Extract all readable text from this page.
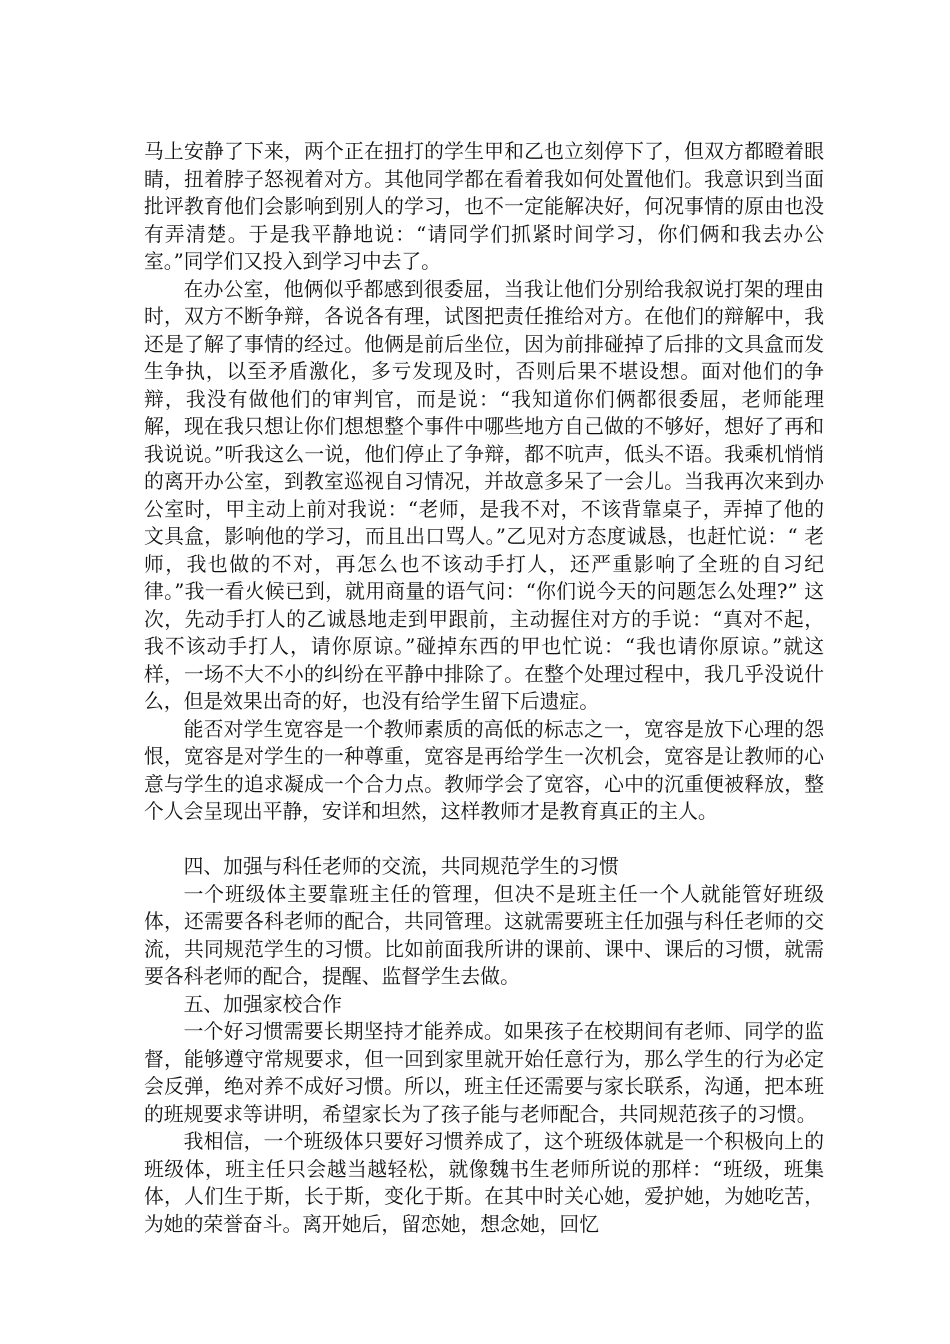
马上安静了下来，两个正在扭打的学生甲和乙也立刻停下了，但双方都瞪着眼睛，扭着脖子怒视着对方。其他同学都在看着我如何处置他们。我意识到当面批评教育他们会影响到别人的学习，也不一定能解决好，何况事情的原由也没有弄清楚。于是我平静地说：“请同学们抓紧时间学习，你们俩和我去办公室。”同学们又投入到学习中去了。

在办公室，他俩似乎都感到很委屈，当我让他们分别给我叙说打架的理由时，双方不断争辩，各说各有理，试图把责任推给对方。在他们的辩解中，我还是了解了事情的经过。他俩是前后坐位，因为前排碰掉了后排的文具盒而发生争执，以至矛盾激化，多亏发现及时，否则后果不堪设想。面对他们的争辩，我没有做他们的审判官，而是说：“我知道你们俩都很委屈，老师能理解，现在我只想让你们想想整个事件中哪些地方自己做的不够好，想好了再和我说说。”听我这么一说，他们停止了争辩，都不吭声，低头不语。我乘机悄悄的离开办公室，到教室巡视自习情况，并故意多呆了一会儿。当我再次来到办公室时，甲主动上前对我说：“老师，是我不对，不该背靠桌子，弄掉了他的文具盒，影响他的学习，而且出口骂人。”乙见对方态度诚恳，也赶忙说：“ 老师，我也做的不对，再怎么也不该动手打人，还严重影响了全班的自习纪律。”我一看火候已到，就用商量的语气问：“你们说今天的问题怎么处理?” 这次，先动手打人的乙诚恳地走到甲跟前，主动握住对方的手说：“真对不起，我不该动手打人，请你原谅。”碰掉东西的甲也忙说：“我也请你原谅。”就这样，一场不大不小的纠纷在平静中排除了。在整个处理过程中，我几乎没说什么，但是效果出奇的好，也没有给学生留下后遗症。

能否对学生宽容是一个教师素质的高低的标志之一，宽容是放下心理的怨恨，宽容是对学生的一种尊重，宽容是再给学生一次机会，宽容是让教师的心意与学生的追求凝成一个合力点。教师学会了宽容，心中的沉重便被释放，整个人会呈现出平静，安详和坦然，这样教师才是教育真正的主人。

四、加强与科任老师的交流，共同规范学生的习惯

一个班级体主要靠班主任的管理，但决不是班主任一个人就能管好班级体，还需要各科老师的配合，共同管理。这就需要班主任加强与科任老师的交流，共同规范学生的习惯。比如前面我所讲的课前、课中、课后的习惯，就需要各科老师的配合，提醒、监督学生去做。

五、加强家校合作

一个好习惯需要长期坚持才能养成。如果孩子在校期间有老师、同学的监督，能够遵守常规要求，但一回到家里就开始任意行为，那么学生的行为必定会反弹，绝对养不成好习惯。所以，班主任还需要与家长联系，沟通，把本班的班规要求等讲明，希望家长为了孩子能与老师配合，共同规范孩子的习惯。

我相信，一个班级体只要好习惯养成了，这个班级体就是一个积极向上的班级体，班主任只会越当越轻松，就像魏书生老师所说的那样：“班级，班集体，人们生于斯，长于斯，变化于斯。在其中时关心她，爱护她，为她吃苦，为她的荣誉奋斗。离开她后，留恋她，想念她，回忆
